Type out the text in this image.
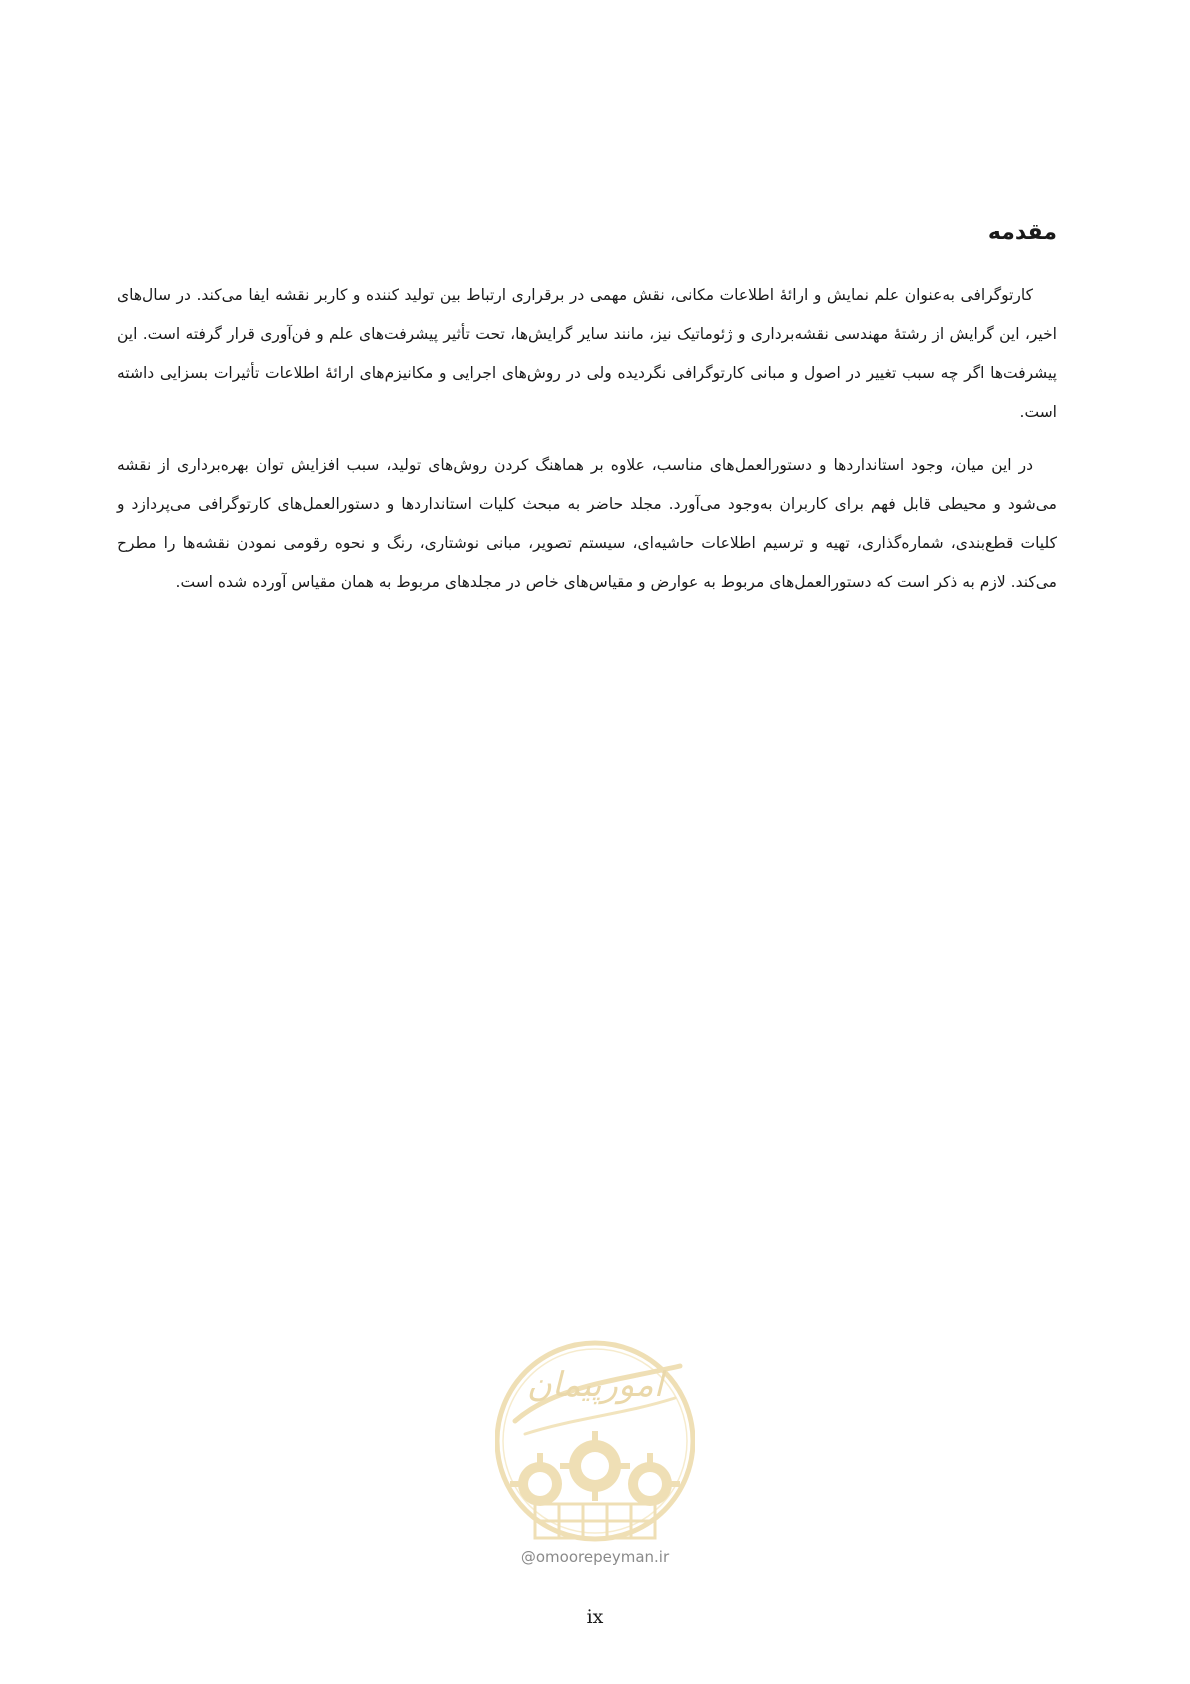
مقدمه

کارتوگرافی به‌عنوان علم نمایش و ارائهٔ اطلاعات مکانی، نقش مهمی در برقراری ارتباط بین تولید کننده و کاربر نقشه ایفا می‌کند. در سال‌های اخیر، این گرایش از رشتهٔ مهندسی نقشه‌برداری و ژئوماتیک نیز، مانند سایر گرایش‌ها، تحت تأثیر پیشرفت‌های علم و فن‌آوری قرار گرفته است. این پیشرفت‌ها اگر چه سبب تغییر در اصول و مبانی کارتوگرافی نگردیده ولی در روش‌های اجرایی و مکانیزم‌های ارائهٔ اطلاعات تأثیرات بسزایی داشته است.

در این میان، وجود استانداردها و دستورالعمل‌های مناسب، علاوه بر هماهنگ کردن روش‌های تولید، سبب افزایش توان بهره‌برداری از نقشه می‌شود و محیطی قابل فهم برای کاربران به‌وجود می‌آورد. مجلد حاضر به مبحث کلیات استانداردها و دستورالعمل‌های کارتوگرافی می‌پردازد و کلیات قطع‌بندی، شماره‌گذاری، تهیه و ترسیم اطلاعات حاشیه‌ای، سیستم تصویر، مبانی نوشتاری، رنگ و نحوه رقومی نمودن نقشه‌ها را مطرح می‌کند. لازم به ذکر است که دستورالعمل‌های مربوط به عوارض و مقیاس‌های خاص در مجلدهای مربوط به همان مقیاس آورده شده است.

امورپیمان
@omoorepeyman.ir
ix
